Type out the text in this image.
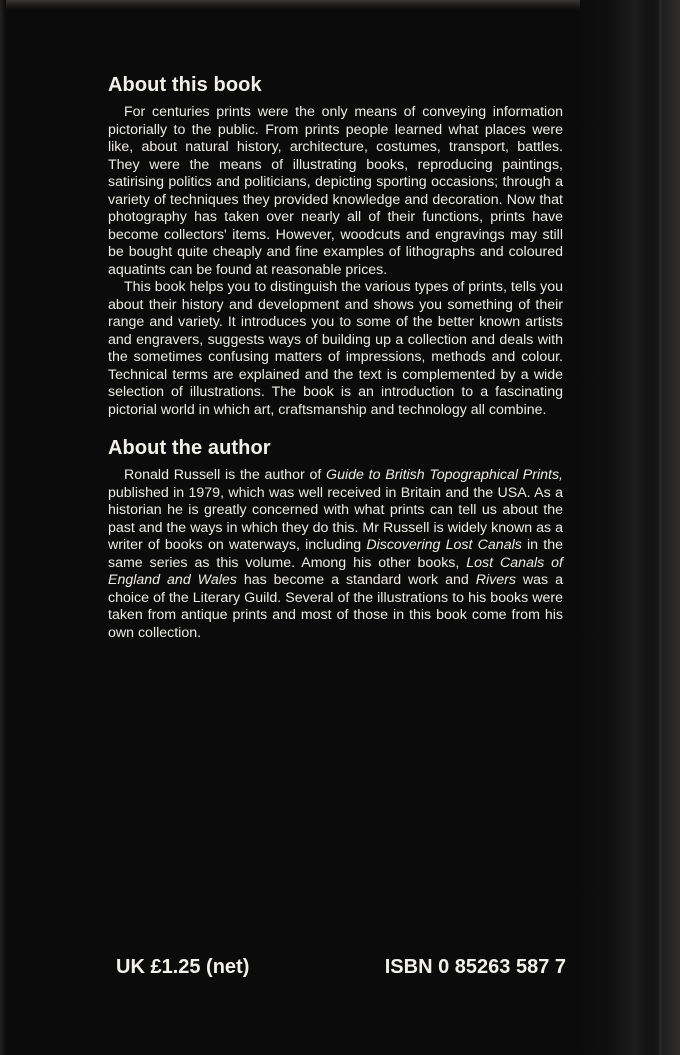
About this book

For centuries prints were the only means of conveying information pictorially to the public. From prints people learned what places were like, about natural history, architecture, costumes, transport, battles. They were the means of illustrating books, reproducing paintings, satirising politics and politicians, depicting sporting occasions; through a variety of techniques they provided knowledge and decoration. Now that photography has taken over nearly all of their functions, prints have become collectors' items. However, woodcuts and engravings may still be bought quite cheaply and fine examples of lithographs and coloured aquatints can be found at reasonable prices.

This book helps you to distinguish the various types of prints, tells you about their history and development and shows you something of their range and variety. It introduces you to some of the better known artists and engravers, suggests ways of building up a collection and deals with the sometimes confusing matters of impressions, methods and colour. Technical terms are explained and the text is complemented by a wide selection of illustrations. The book is an introduction to a fascinating pictorial world in which art, craftsmanship and technology all combine.

About the author

Ronald Russell is the author of Guide to British Topographical Prints, published in 1979, which was well received in Britain and the USA. As a historian he is greatly concerned with what prints can tell us about the past and the ways in which they do this. Mr Russell is widely known as a writer of books on waterways, including Discovering Lost Canals in the same series as this volume. Among his other books, Lost Canals of England and Wales has become a standard work and Rivers was a choice of the Literary Guild. Several of the illustrations to his books were taken from antique prints and most of those in this book come from his own collection.

UK £1.25 (net)	ISBN 0 85263 587 7
